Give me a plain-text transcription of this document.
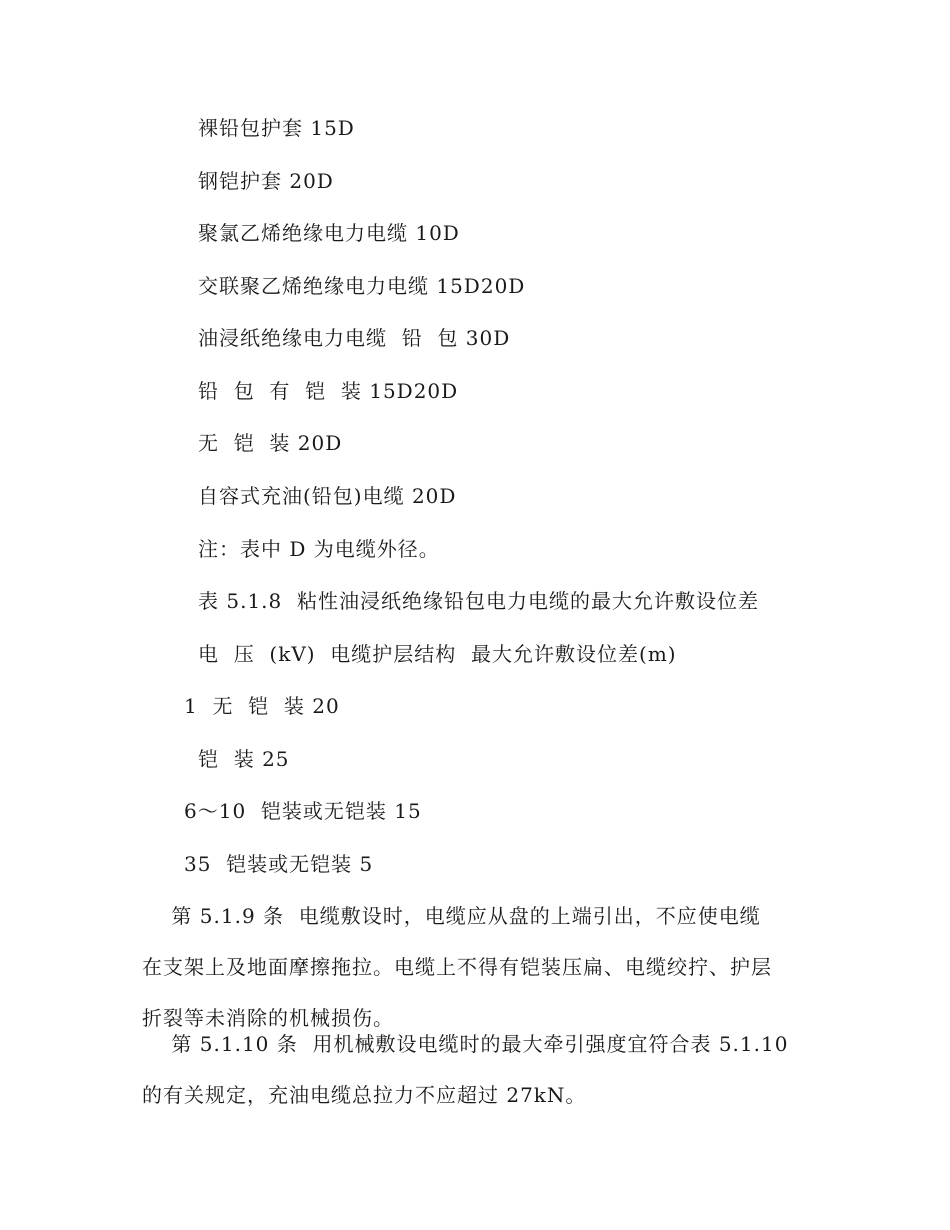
裸铅包护套 15D
钢铠护套 20D
聚氯乙烯绝缘电力电缆 10D
交联聚乙烯绝缘电力电缆 15D20D
油浸纸绝缘电力电缆  铅  包 30D
铅  包  有  铠  装 15D20D
无  铠  装 20D
自容式充油(铅包)电缆 20D
注：表中 D 为电缆外径。
表 5.1.8  粘性油浸纸绝缘铅包电力电缆的最大允许敷设位差
电  压  (kV)  电缆护层结构  最大允许敷设位差(m)
1  无  铠  装 20
铠  装 25
6～10  铠装或无铠装 15
35  铠装或无铠装 5
第 5.1.9 条  电缆敷设时，电缆应从盘的上端引出，不应使电缆
在支架上及地面摩擦拖拉。电缆上不得有铠装压扁、电缆绞拧、护层
折裂等未消除的机械损伤。
第 5.1.10 条  用机械敷设电缆时的最大牵引强度宜符合表 5.1.10
的有关规定，充油电缆总拉力不应超过 27kN。
